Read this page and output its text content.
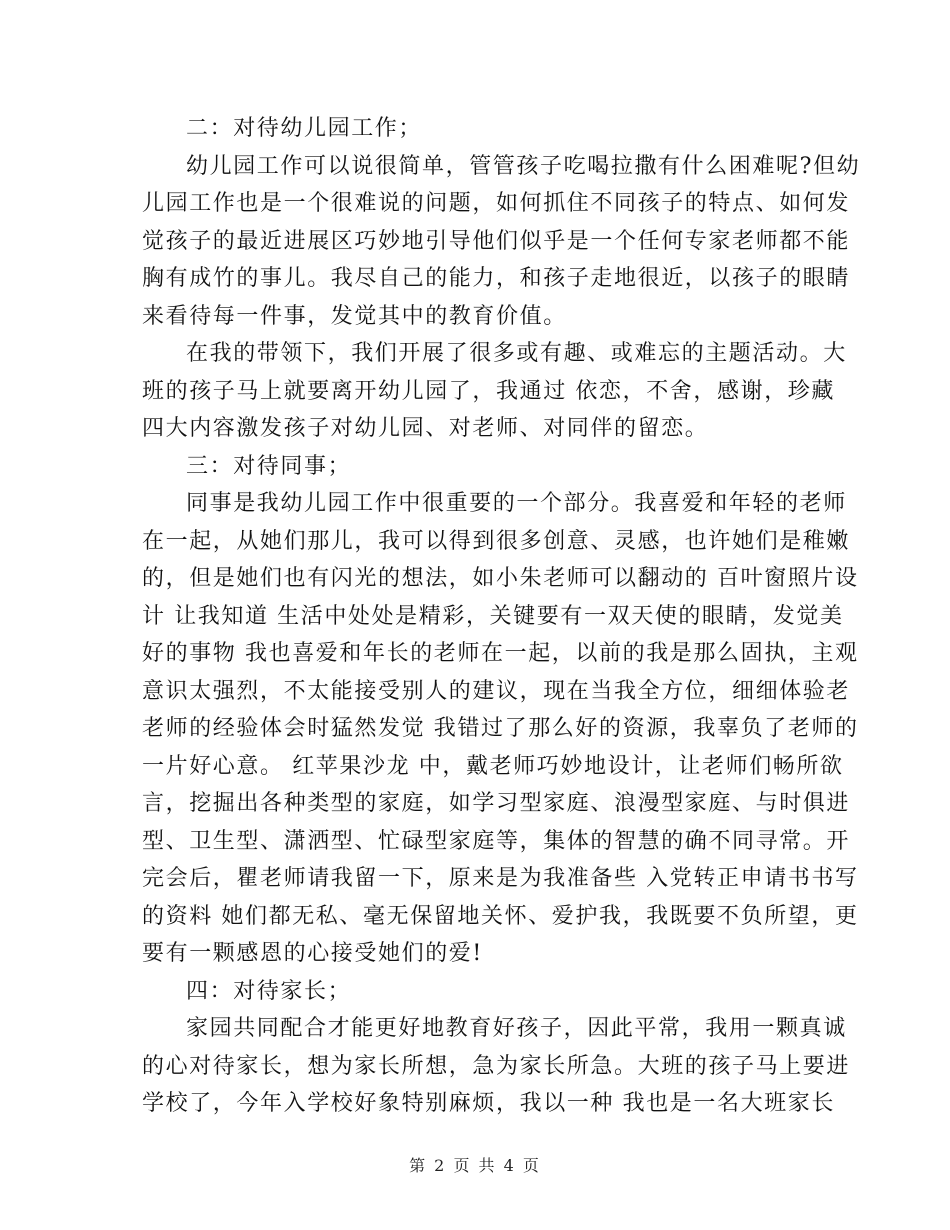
二：对待幼儿园工作；
幼儿园工作可以说很简单，管管孩子吃喝拉撒有什么困难呢?但幼
儿园工作也是一个很难说的问题，如何抓住不同孩子的特点、如何发
觉孩子的最近进展区巧妙地引导他们似乎是一个任何专家老师都不能
胸有成竹的事儿。我尽自己的能力，和孩子走地很近，以孩子的眼睛
来看待每一件事，发觉其中的教育价值。
在我的带领下，我们开展了很多或有趣、或难忘的主题活动。大
班的孩子马上就要离开幼儿园了，我通过 依恋，不舍，感谢，珍藏
四大内容激发孩子对幼儿园、对老师、对同伴的留恋。
三：对待同事；
同事是我幼儿园工作中很重要的一个部分。我喜爱和年轻的老师
在一起，从她们那儿，我可以得到很多创意、灵感，也许她们是稚嫩
的，但是她们也有闪光的想法，如小朱老师可以翻动的 百叶窗照片设
计 让我知道 生活中处处是精彩，关键要有一双天使的眼睛，发觉美
好的事物 我也喜爱和年长的老师在一起，以前的我是那么固执，主观
意识太强烈，不太能接受别人的建议，现在当我全方位，细细体验老
老师的经验体会时猛然发觉 我错过了那么好的资源，我辜负了老师的
一片好心意。 红苹果沙龙 中，戴老师巧妙地设计，让老师们畅所欲
言，挖掘出各种类型的家庭，如学习型家庭、浪漫型家庭、与时俱进
型、卫生型、潇洒型、忙碌型家庭等，集体的智慧的确不同寻常。开
完会后，瞿老师请我留一下，原来是为我准备些 入党转正申请书书写
的资料 她们都无私、毫无保留地关怀、爱护我，我既要不负所望，更
要有一颗感恩的心接受她们的爱!
四：对待家长；
家园共同配合才能更好地教育好孩子，因此平常，我用一颗真诚
的心对待家长，想为家长所想，急为家长所急。大班的孩子马上要进
学校了，今年入学校好象特别麻烦，我以一种 我也是一名大班家长
第 2 页 共 4 页
